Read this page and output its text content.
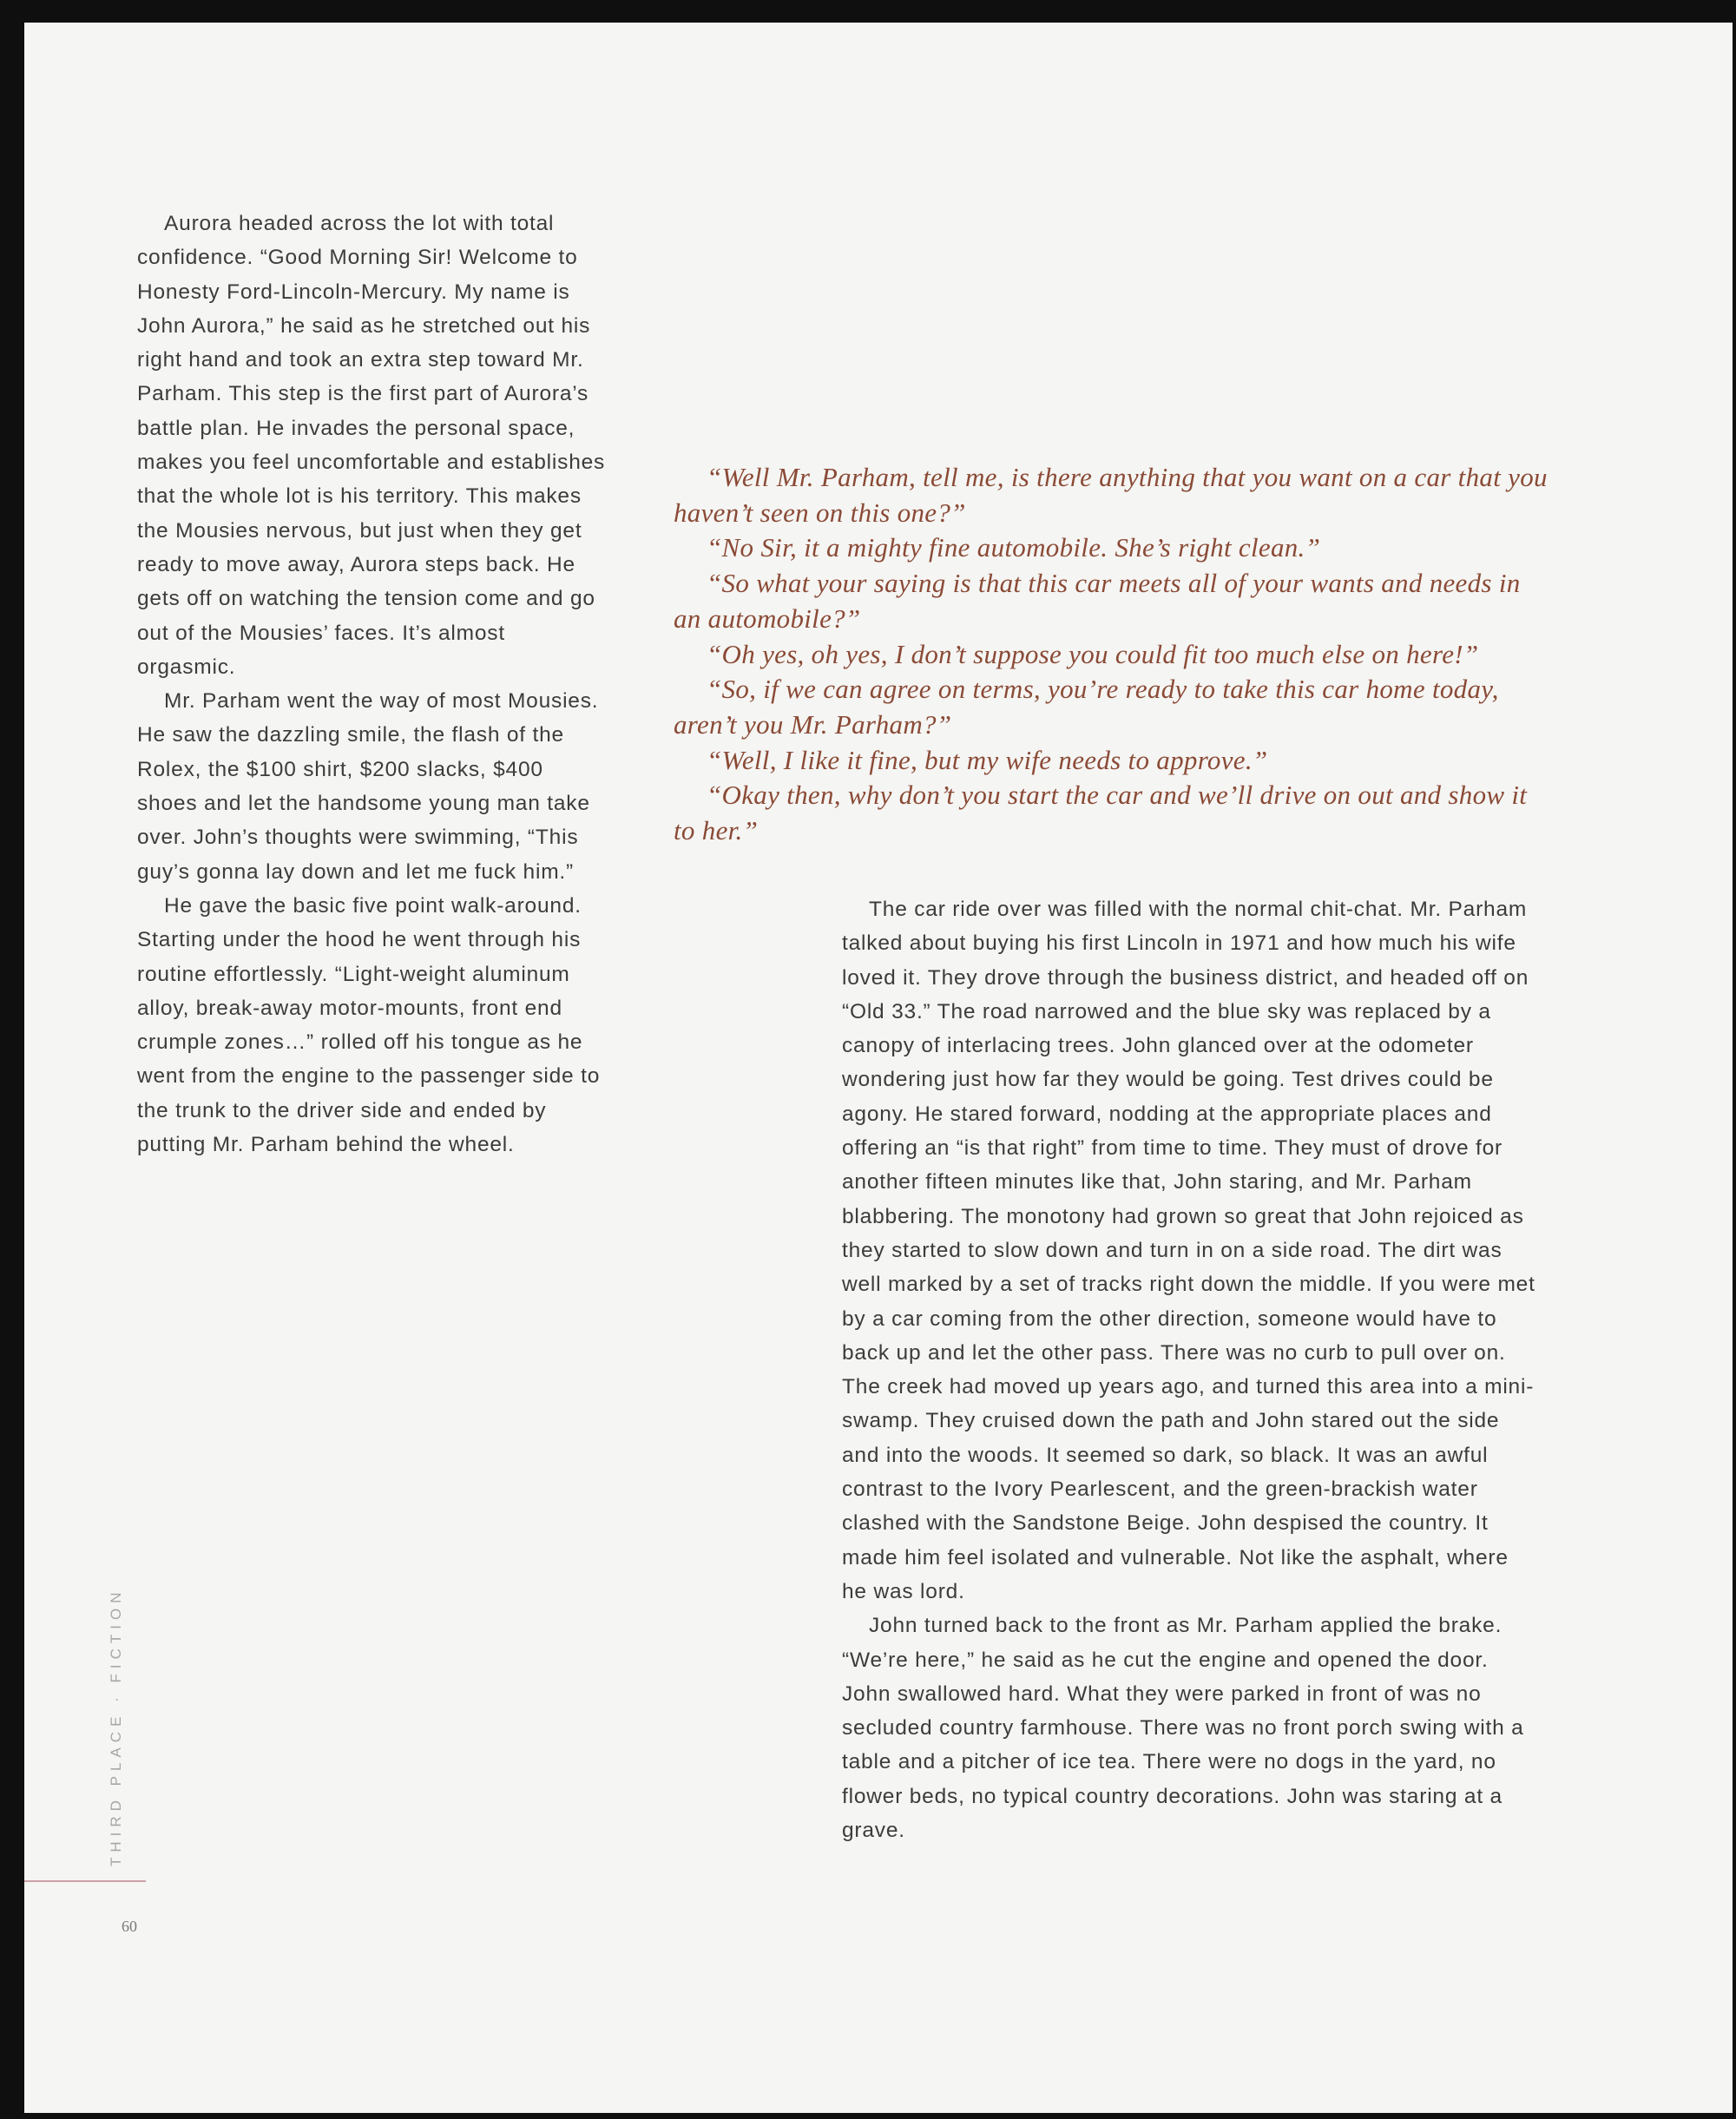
Aurora headed across the lot with total confidence. “Good Morning Sir! Welcome to Honesty Ford-Lincoln-Mercury. My name is John Aurora,” he said as he stretched out his right hand and took an extra step toward Mr. Parham. This step is the first part of Aurora’s battle plan. He invades the personal space, makes you feel uncomfortable and establishes that the whole lot is his territory. This makes the Mousies nervous, but just when they get ready to move away, Aurora steps back. He gets off on watching the tension come and go out of the Mousies’ faces. It’s almost orgasmic.

Mr. Parham went the way of most Mousies. He saw the dazzling smile, the flash of the Rolex, the $100 shirt, $200 slacks, $400 shoes and let the handsome young man take over. John’s thoughts were swimming, “This guy’s gonna lay down and let me fuck him.”

He gave the basic five point walk-around. Starting under the hood he went through his routine effortlessly. “Light-weight aluminum alloy, break-away motor-mounts, front end crumple zones…” rolled off his tongue as he went from the engine to the passenger side to the trunk to the driver side and ended by putting Mr. Parham behind the wheel.

“Well Mr. Parham, tell me, is there anything that you want on a car that you haven’t seen on this one?”

“No Sir, it a mighty fine automobile. She’s right clean.”

“So what your saying is that this car meets all of your wants and needs in an automobile?”

“Oh yes, oh yes, I don’t suppose you could fit too much else on here!”

“So, if we can agree on terms, you’re ready to take this car home today, aren’t you Mr. Parham?”

“Well, I like it fine, but my wife needs to approve.”

“Okay then, why don’t you start the car and we’ll drive on out and show it to her.”

The car ride over was filled with the normal chit-chat. Mr. Parham talked about buying his first Lincoln in 1971 and how much his wife loved it. They drove through the business district, and headed off on “Old 33.” The road narrowed and the blue sky was replaced by a canopy of interlacing trees. John glanced over at the odometer wondering just how far they would be going. Test drives could be agony. He stared forward, nodding at the appropriate places and offering an “is that right” from time to time. They must of drove for another fifteen minutes like that, John staring, and Mr. Parham blabbering. The monotony had grown so great that John rejoiced as they started to slow down and turn in on a side road. The dirt was well marked by a set of tracks right down the middle. If you were met by a car coming from the other direction, someone would have to back up and let the other pass. There was no curb to pull over on. The creek had moved up years ago, and turned this area into a mini-swamp. They cruised down the path and John stared out the side and into the woods. It seemed so dark, so black. It was an awful contrast to the Ivory Pearlescent, and the green-brackish water clashed with the Sandstone Beige. John despised the country. It made him feel isolated and vulnerable. Not like the asphalt, where he was lord.

John turned back to the front as Mr. Parham applied the brake. “We’re here,” he said as he cut the engine and opened the door. John swallowed hard. What they were parked in front of was no secluded country farmhouse. There was no front porch swing with a table and a pitcher of ice tea. There were no dogs in the yard, no flower beds, no typical country decorations. John was staring at a grave.

THIRD PLACE · FICTION
60
